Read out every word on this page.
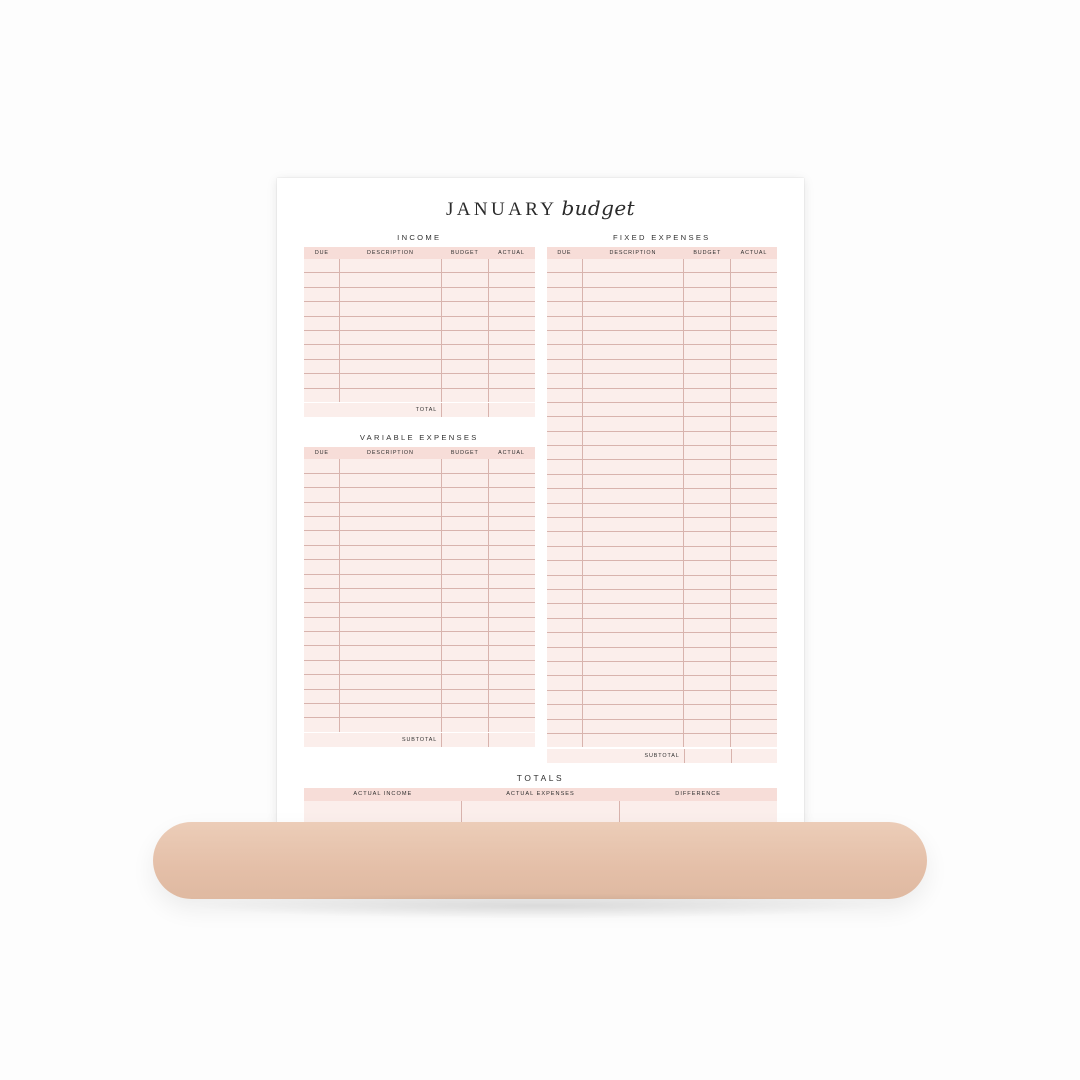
JANUARY budget
INCOME
DUE	DESCRIPTION	BUDGET	ACTUAL

TOTAL
VARIABLE EXPENSES
DUE	DESCRIPTION	BUDGET	ACTUAL

SUBTOTAL
FIXED EXPENSES
DUE	DESCRIPTION	BUDGET	ACTUAL

SUBTOTAL
TOTALS
ACTUAL INCOME	ACTUAL EXPENSES	DIFFERENCE
